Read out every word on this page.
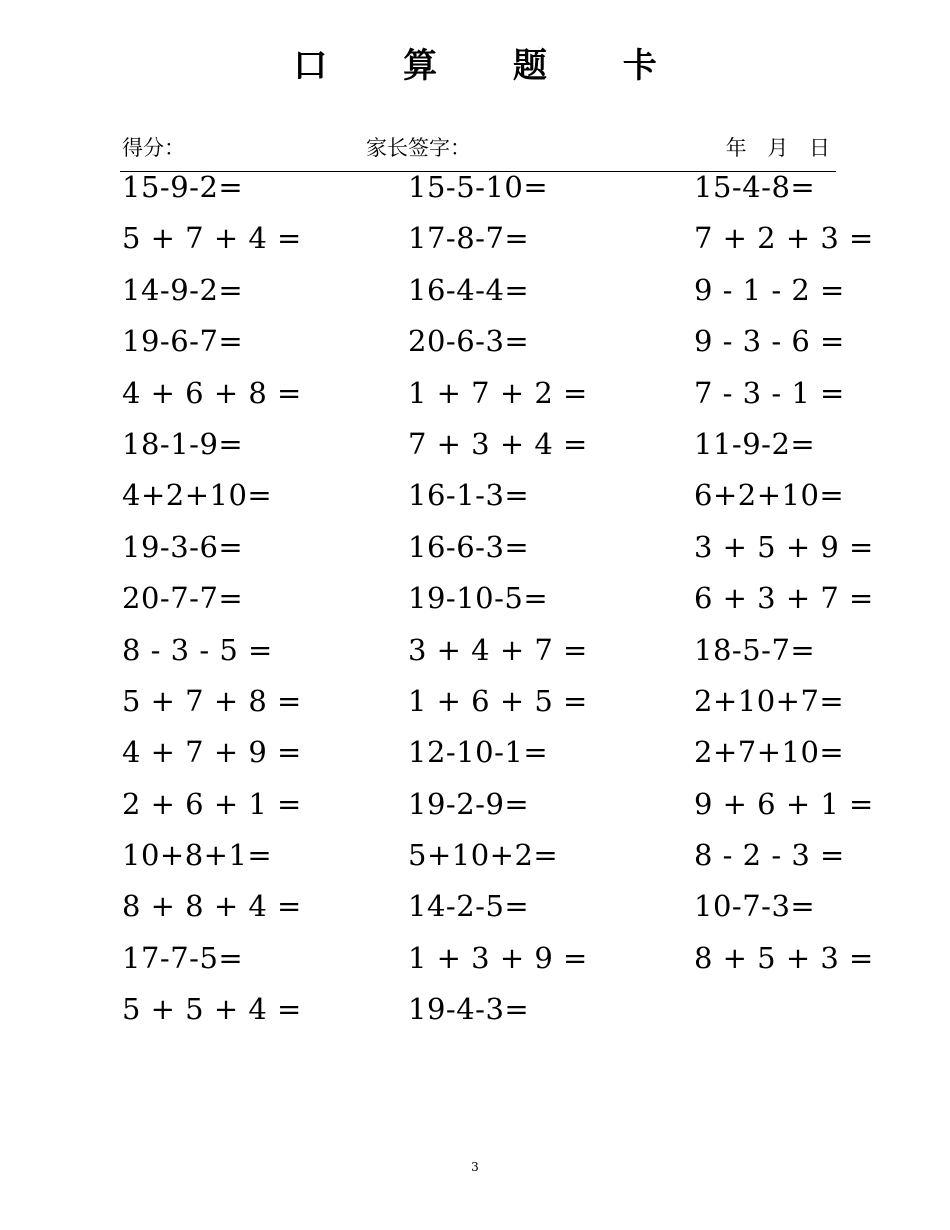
口 算 题 卡
得分：	家长签字：	年 月 日
15-9-2=	15-5-10=	15-4-8=
5 + 7 + 4 =	17-8-7=	7 + 2 + 3 =
14-9-2=	16-4-4=	9 - 1 - 2 =
19-6-7=	20-6-3=	9 - 3 - 6 =
4 + 6 + 8 =	1 + 7 + 2 =	7 - 3 - 1 =
18-1-9=	7 + 3 + 4 =	11-9-2=
4+2+10=	16-1-3=	6+2+10=
19-3-6=	16-6-3=	3 + 5 + 9 =
20-7-7=	19-10-5=	6 + 3 + 7 =
8 - 3 - 5 =	3 + 4 + 7 =	18-5-7=
5 + 7 + 8 =	1 + 6 + 5 =	2+10+7=
4 + 7 + 9 =	12-10-1=	2+7+10=
2 + 6 + 1 =	19-2-9=	9 + 6 + 1 =
10+8+1=	5+10+2=	8 - 2 - 3 =
8 + 8 + 4 =	14-2-5=	10-7-3=
17-7-5=	1 + 3 + 9 =	8 + 5 + 3 =
5 + 5 + 4 =	19-4-3=
3
